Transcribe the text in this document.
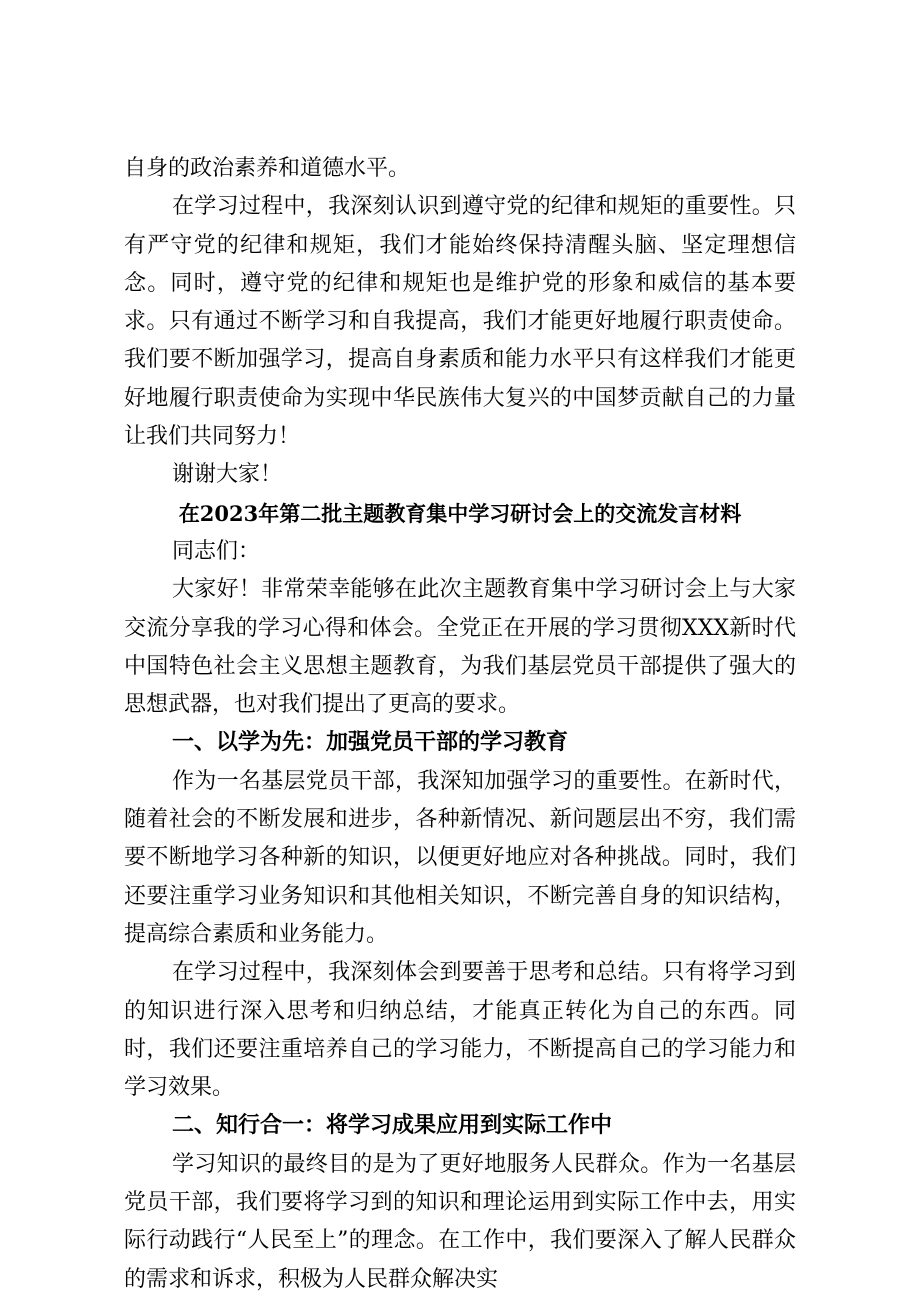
自身的政治素养和道德水平。

在学习过程中，我深刻认识到遵守党的纪律和规矩的重要性。只有严守党的纪律和规矩，我们才能始终保持清醒头脑、坚定理想信念。同时，遵守党的纪律和规矩也是维护党的形象和威信的基本要求。只有通过不断学习和自我提高，我们才能更好地履行职责使命。我们要不断加强学习，提高自身素质和能力水平只有这样我们才能更好地履行职责使命为实现中华民族伟大复兴的中国梦贡献自己的力量让我们共同努力！

谢谢大家！

在2023年第二批主题教育集中学习研讨会上的交流发言材料

同志们：

大家好！非常荣幸能够在此次主题教育集中学习研讨会上与大家交流分享我的学习心得和体会。全党正在开展的学习贯彻XXX新时代中国特色社会主义思想主题教育，为我们基层党员干部提供了强大的思想武器，也对我们提出了更高的要求。

一、以学为先：加强党员干部的学习教育

作为一名基层党员干部，我深知加强学习的重要性。在新时代，随着社会的不断发展和进步，各种新情况、新问题层出不穷，我们需要不断地学习各种新的知识，以便更好地应对各种挑战。同时，我们还要注重学习业务知识和其他相关知识，不断完善自身的知识结构，提高综合素质和业务能力。

在学习过程中，我深刻体会到要善于思考和总结。只有将学习到的知识进行深入思考和归纳总结，才能真正转化为自己的东西。同时，我们还要注重培养自己的学习能力，不断提高自己的学习能力和学习效果。

二、知行合一：将学习成果应用到实际工作中

学习知识的最终目的是为了更好地服务人民群众。作为一名基层党员干部，我们要将学习到的知识和理论运用到实际工作中去，用实际行动践行“人民至上”的理念。在工作中，我们要深入了解人民群众的需求和诉求，积极为人民群众解决实
